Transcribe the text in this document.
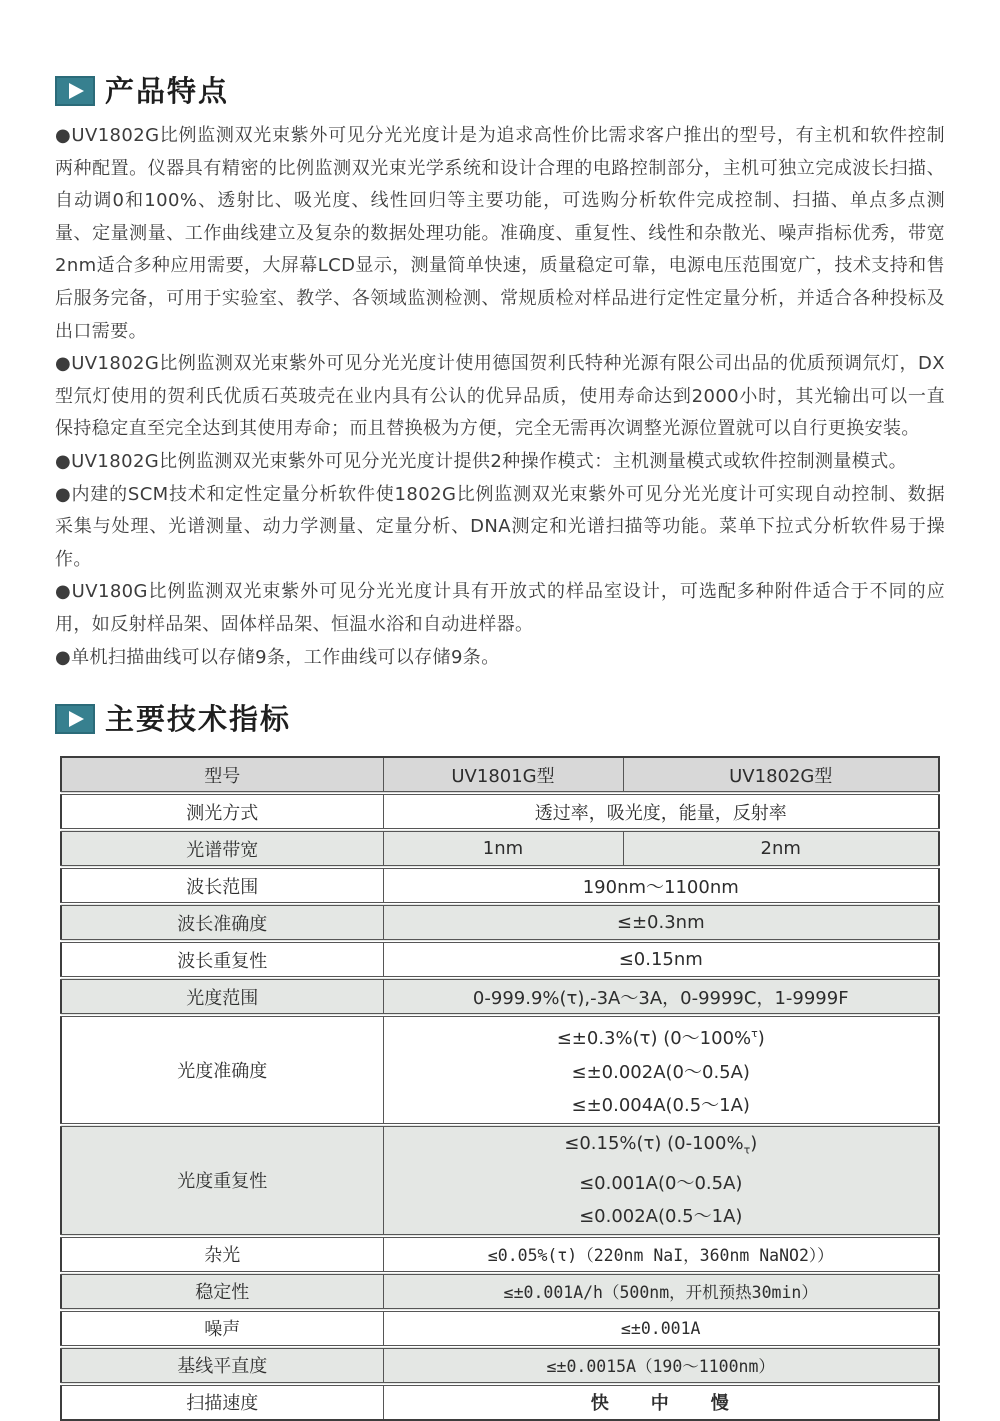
产品特点

●UV1802G比例监测双光束紫外可见分光光度计是为追求高性价比需求客户推出的型号，有主机和软件控制两种配置。仪器具有精密的比例监测双光束光学系统和设计合理的电路控制部分，主机可独立完成波长扫描、自动调0和100%、透射比、吸光度、线性回归等主要功能，可选购分析软件完成控制、扫描、单点多点测量、定量测量、工作曲线建立及复杂的数据处理功能。准确度、重复性、线性和杂散光、噪声指标优秀，带宽2nm适合多种应用需要，大屏幕LCD显示，测量简单快速，质量稳定可靠，电源电压范围宽广，技术支持和售后服务完备，可用于实验室、教学、各领域监测检测、常规质检对样品进行定性定量分析，并适合各种投标及出口需要。

●UV1802G比例监测双光束紫外可见分光光度计使用德国贺利氏特种光源有限公司出品的优质预调氘灯，DX型氘灯使用的贺利氏优质石英玻壳在业内具有公认的优异品质，使用寿命达到2000小时，其光输出可以一直保持稳定直至完全达到其使用寿命；而且替换极为方便，完全无需再次调整光源位置就可以自行更换安装。

●UV1802G比例监测双光束紫外可见分光光度计提供2种操作模式：主机测量模式或软件控制测量模式。

●内建的SCM技术和定性定量分析软件使1802G比例监测双光束紫外可见分光光度计可实现自动控制、数据采集与处理、光谱测量、动力学测量、定量分析、DNA测定和光谱扫描等功能。菜单下拉式分析软件易于操作。

●UV180G比例监测双光束紫外可见分光光度计具有开放式的样品室设计，可选配多种附件适合于不同的应用，如反射样品架、固体样品架、恒温水浴和自动进样器。

●单机扫描曲线可以存储9条，工作曲线可以存储9条。

主要技术指标
型号	UV1801G型	UV1802G型
测光方式	透过率，吸光度，能量，反射率	
光谱带宽	1nm	2nm
波长范围	190nm～1100nm	
波长准确度	≤±0.3nm	
波长重复性	≤0.15nm	
光度范围	0-999.9%(τ),-3A～3A，0-9999C，1-9999F	
光度准确度	≤±0.3%(τ) (0～100%$^\tau$)
≤±0.002A(0～0.5A)
≤±0.004A(0.5～1A)	

光度重复性	≤0.15%(τ) $(0-100\%_\tau)$
≤0.001A(0～0.5A)
≤0.002A(0.5～1A)	

杂光	≤0.05%(τ)（220nm NaI，360nm NaNO2））	
稳定性	≤±0.001A/h（500nm，开机预热30min）	
噪声	≤±0.001A	
基线平直度	≤±0.0015A（190～1100nm）	
扫描速度	快　　中　　慢	
